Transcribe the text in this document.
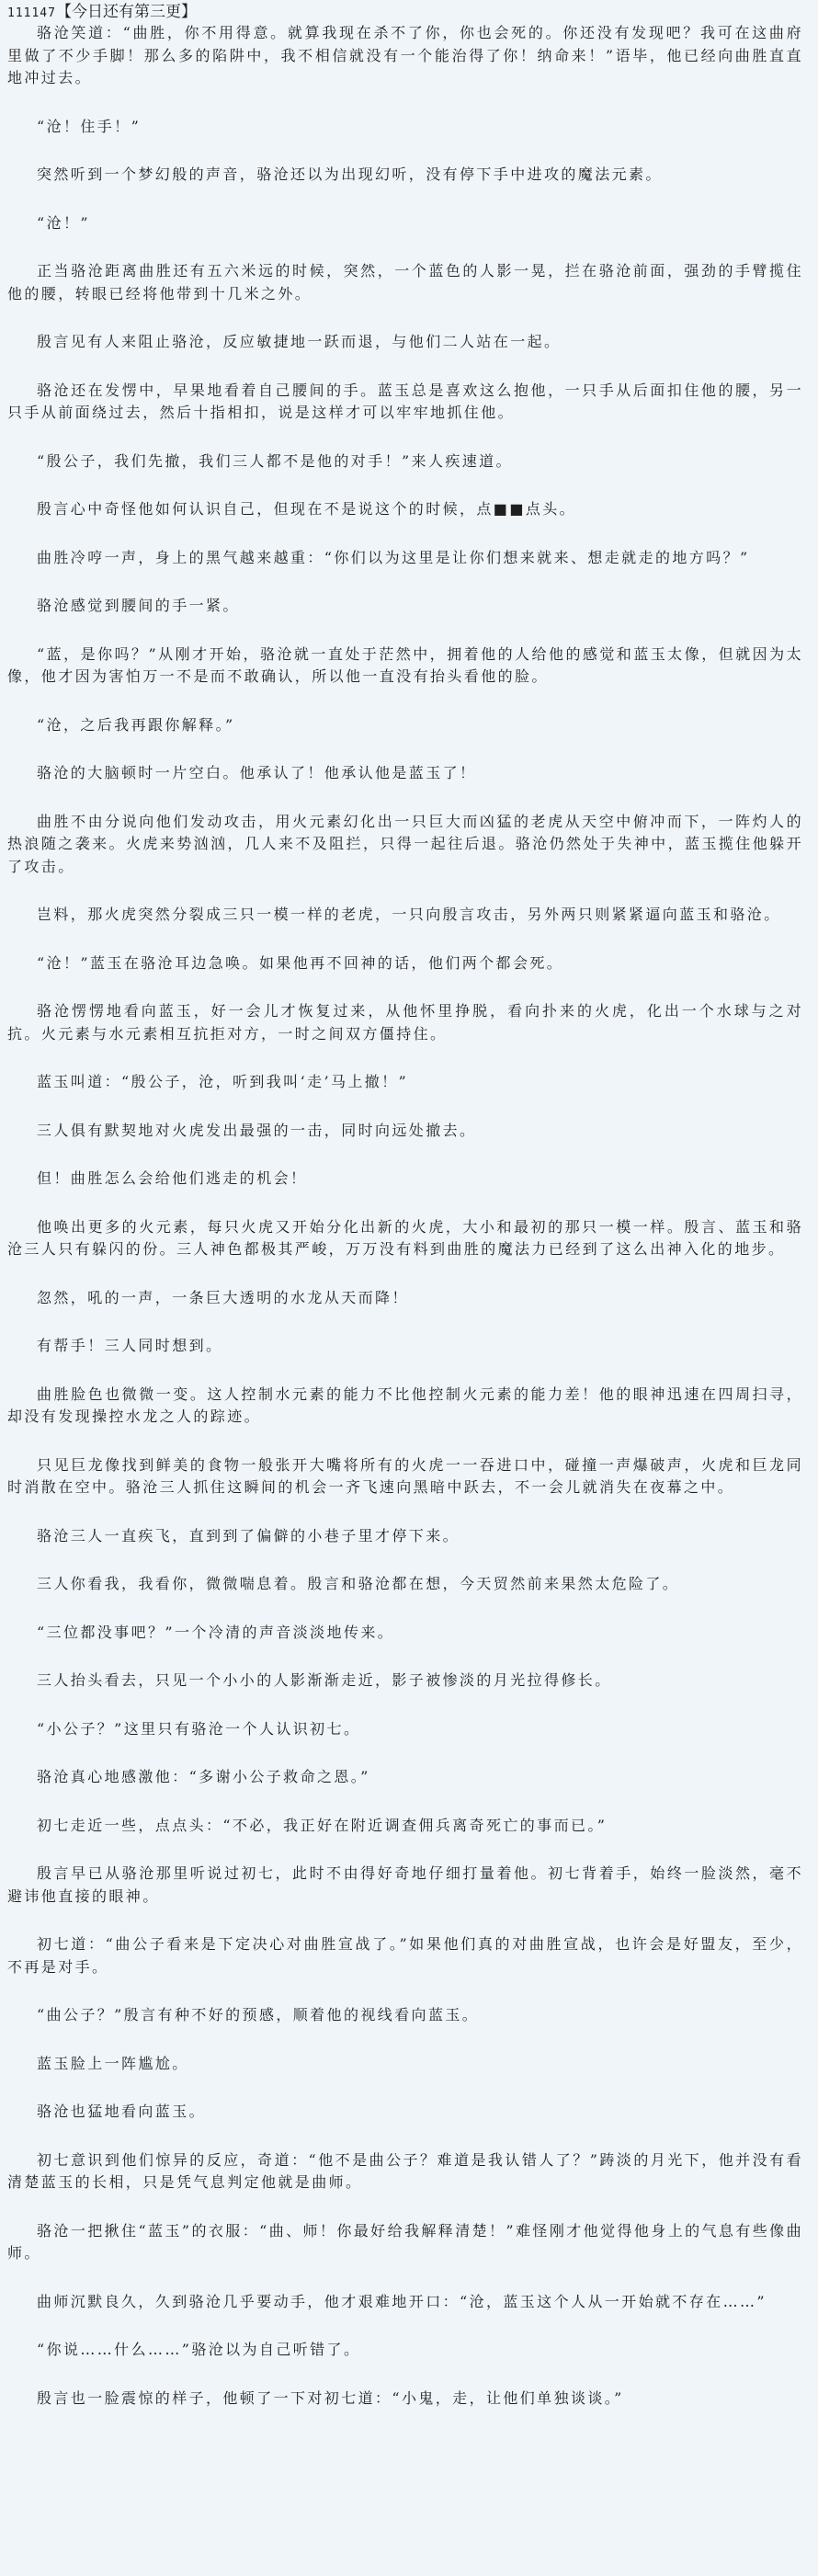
111147【今日还有第三更】

骆沧笑道：“曲胜，你不用得意。就算我现在杀不了你，你也会死的。你还没有发现吧？我可在这曲府里做了不少手脚！那么多的陷阱中，我不相信就没有一个能治得了你！纳命来！”语毕，他已经向曲胜直直地冲过去。

“沧！住手！”

突然听到一个梦幻般的声音，骆沧还以为出现幻听，没有停下手中进攻的魔法元素。

“沧！”

正当骆沧距离曲胜还有五六米远的时候，突然，一个蓝色的人影一晃，拦在骆沧前面，强劲的手臂揽住他的腰，转眼已经将他带到十几米之外。

殷言见有人来阻止骆沧，反应敏捷地一跃而退，与他们二人站在一起。

骆沧还在发愣中，早果地看着自己腰间的手。蓝玉总是喜欢这么抱他，一只手从后面扣住他的腰，另一只手从前面绕过去，然后十指相扣，说是这样才可以牢牢地抓住他。

“殷公子，我们先撤，我们三人都不是他的对手！”来人疾速道。

殷言心中奇怪他如何认识自己，但现在不是说这个的时候，点■■点头。

曲胜冷哼一声，身上的黑气越来越重：“你们以为这里是让你们想来就来、想走就走的地方吗？”

骆沧感觉到腰间的手一紧。

“蓝，是你吗？”从刚才开始，骆沧就一直处于茫然中，拥着他的人给他的感觉和蓝玉太像，但就因为太像，他才因为害怕万一不是而不敢确认，所以他一直没有抬头看他的脸。

“沧，之后我再跟你解释。”

骆沧的大脑顿时一片空白。他承认了！他承认他是蓝玉了！

曲胜不由分说向他们发动攻击，用火元素幻化出一只巨大而凶猛的老虎从天空中俯冲而下，一阵灼人的热浪随之袭来。火虎来势汹汹，几人来不及阻拦，只得一起往后退。骆沧仍然处于失神中，蓝玉揽住他躲开了攻击。

岂料，那火虎突然分裂成三只一模一样的老虎，一只向殷言攻击，另外两只则紧紧逼向蓝玉和骆沧。

“沧！”蓝玉在骆沧耳边急唤。如果他再不回神的话，他们两个都会死。

骆沧愣愣地看向蓝玉，好一会儿才恢复过来，从他怀里挣脱，看向扑来的火虎，化出一个水球与之对抗。火元素与水元素相互抗拒对方，一时之间双方僵持住。

蓝玉叫道：“殷公子，沧，听到我叫‘走’马上撤！”

三人俱有默契地对火虎发出最强的一击，同时向远处撤去。

但！曲胜怎么会给他们逃走的机会！

他唤出更多的火元素，每只火虎又开始分化出新的火虎，大小和最初的那只一模一样。殷言、蓝玉和骆沧三人只有躲闪的份。三人神色都极其严峻，万万没有料到曲胜的魔法力已经到了这么出神入化的地步。

忽然，吼的一声，一条巨大透明的水龙从天而降！

有帮手！三人同时想到。

曲胜脸色也微微一变。这人控制水元素的能力不比他控制火元素的能力差！他的眼神迅速在四周扫寻，却没有发现操控水龙之人的踪迹。

只见巨龙像找到鲜美的食物一般张开大嘴将所有的火虎一一吞进口中，碰撞一声爆破声，火虎和巨龙同时消散在空中。骆沧三人抓住这瞬间的机会一齐飞速向黑暗中跃去，不一会儿就消失在夜幕之中。

骆沧三人一直疾飞，直到到了偏僻的小巷子里才停下来。

三人你看我，我看你，微微喘息着。殷言和骆沧都在想，今天贸然前来果然太危险了。

“三位都没事吧？”一个冷清的声音淡淡地传来。

三人抬头看去，只见一个小小的人影渐渐走近，影子被惨淡的月光拉得修长。

“小公子？”这里只有骆沧一个人认识初七。

骆沧真心地感激他：“多谢小公子救命之恩。”

初七走近一些，点点头：“不必，我正好在附近调查佣兵离奇死亡的事而已。”

殷言早已从骆沧那里听说过初七，此时不由得好奇地仔细打量着他。初七背着手，始终一脸淡然，毫不避讳他直接的眼神。

初七道：“曲公子看来是下定决心对曲胜宣战了。”如果他们真的对曲胜宣战，也许会是好盟友，至少，不再是对手。

“曲公子？”殷言有种不好的预感，顺着他的视线看向蓝玉。

蓝玉脸上一阵尴尬。

骆沧也猛地看向蓝玉。

初七意识到他们惊异的反应，奇道：“他不是曲公子？难道是我认错人了？”踌淡的月光下，他并没有看清楚蓝玉的长相，只是凭气息判定他就是曲师。

骆沧一把揪住“蓝玉”的衣服：“曲、师！你最好给我解释清楚！”难怪刚才他觉得他身上的气息有些像曲师。

曲师沉默良久，久到骆沧几乎要动手，他才艰难地开口：“沧，蓝玉这个人从一开始就不存在……”

“你说……什么……”骆沧以为自己听错了。

殷言也一脸震惊的样子，他顿了一下对初七道：“小鬼，走，让他们单独谈谈。”
